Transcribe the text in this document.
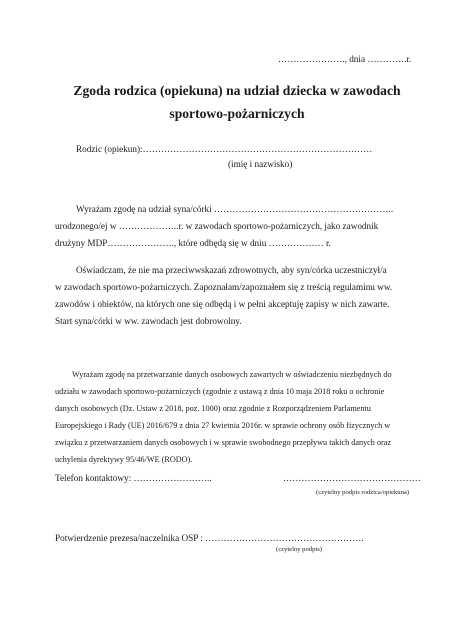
…………………., dnia ………….r.
Zgoda rodzica (opiekuna) na udział dziecka w zawodach
sportowo-pożarniczych
Rodzic (opiekun):…………………………………………………………………
(imię i nazwisko)
Wyrażam zgodę na udział syna/córki …………………………………………………..
urodzonego/ej w ………………..r. w zawodach sportowo-pożarniczych, jako zawodnik
drużyny MDP…………………., które odbędą się w dniu ……………… r.
Oświadczam, że nie ma przeciwwskazań zdrowotnych, aby syn/córka uczestniczył/a
w zawodach sportowo-pożarniczych. Zapoznałam/zapoznałem się z treścią regulaminu ww.
zawodów i obiektów, na których one się odbędą i w pełni akceptuję zapisy w nich zawarte.
Start syna/córki w ww. zawodach jest dobrowolny.
Wyrażam zgodę na przetwarzanie danych osobowych zawartych w oświadczeniu niezbędnych do
udziału w zawodach sportowo-pożarniczych (zgodnie z ustawą z dnia 10 maja 2018 roku o ochronie
danych osobowych (Dz. Ustaw z 2018, poz. 1000) oraz zgodnie z Rozporządzeniem Parlamentu
Europejskiego i Rady (UE) 2016/679 z dnia 27 kwietnia 2016r. w sprawie ochrony osób fizycznych w
związku z przetwarzaniem danych osobowych i w sprawie swobodnego przepływu takich danych oraz
uchylenia dyrektywy 95/46/WE (RODO).
Telefon kontaktowy: ……………………..	………………………………………
(czytelny podpis rodzica/opiekuna)
Potwierdzenie prezesa/naczelnika OSP : …………………………………………….
(czytelny podpis)
